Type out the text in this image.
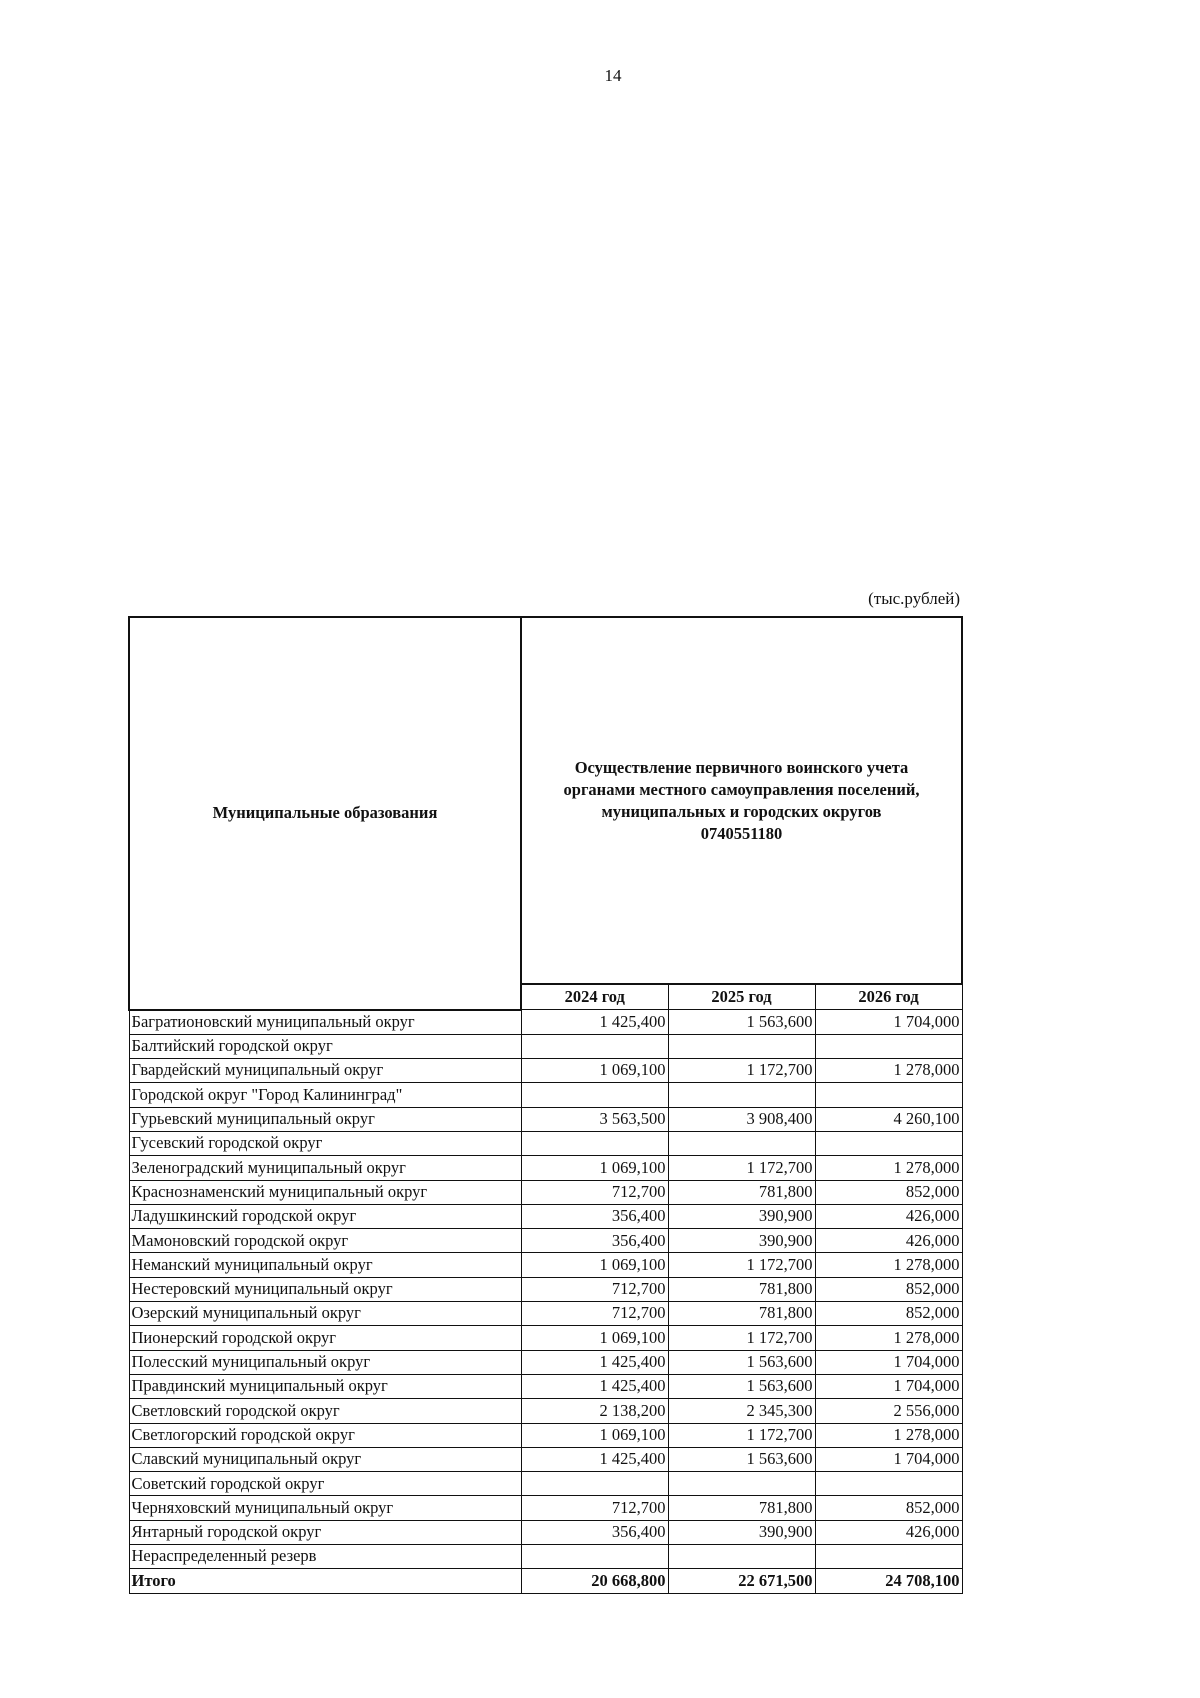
14
(тыс.рублей)
Муниципальные образования	Осуществление первичного воинского учета
органами местного самоуправления поселений,
муниципальных и городских округов
0740551180		

	2024 год	2025 год	2026 год
Багратионовский муниципальный округ	1 425,400	1 563,600	1 704,000
Балтийский городской округ			
Гвардейский муниципальный округ	1 069,100	1 172,700	1 278,000
Городской округ "Город Калининград"			
Гурьевский муниципальный округ	3 563,500	3 908,400	4 260,100
Гусевский городской округ			
Зеленоградский муниципальный округ	1 069,100	1 172,700	1 278,000
Краснознаменский муниципальный округ	712,700	781,800	852,000
Ладушкинский городской округ	356,400	390,900	426,000
Мамоновский городской округ	356,400	390,900	426,000
Неманский муниципальный округ	1 069,100	1 172,700	1 278,000
Нестеровский муниципальный округ	712,700	781,800	852,000
Озерский муниципальный округ	712,700	781,800	852,000
Пионерский городской округ	1 069,100	1 172,700	1 278,000
Полесский муниципальный округ	1 425,400	1 563,600	1 704,000
Правдинский муниципальный округ	1 425,400	1 563,600	1 704,000
Светловский городской округ	2 138,200	2 345,300	2 556,000
Светлогорский городской округ	1 069,100	1 172,700	1 278,000
Славский муниципальный округ	1 425,400	1 563,600	1 704,000
Советский городской округ			
Черняховский муниципальный округ	712,700	781,800	852,000
Янтарный городской округ	356,400	390,900	426,000
Нераспределенный резерв			
Итого	20 668,800	22 671,500	24 708,100
